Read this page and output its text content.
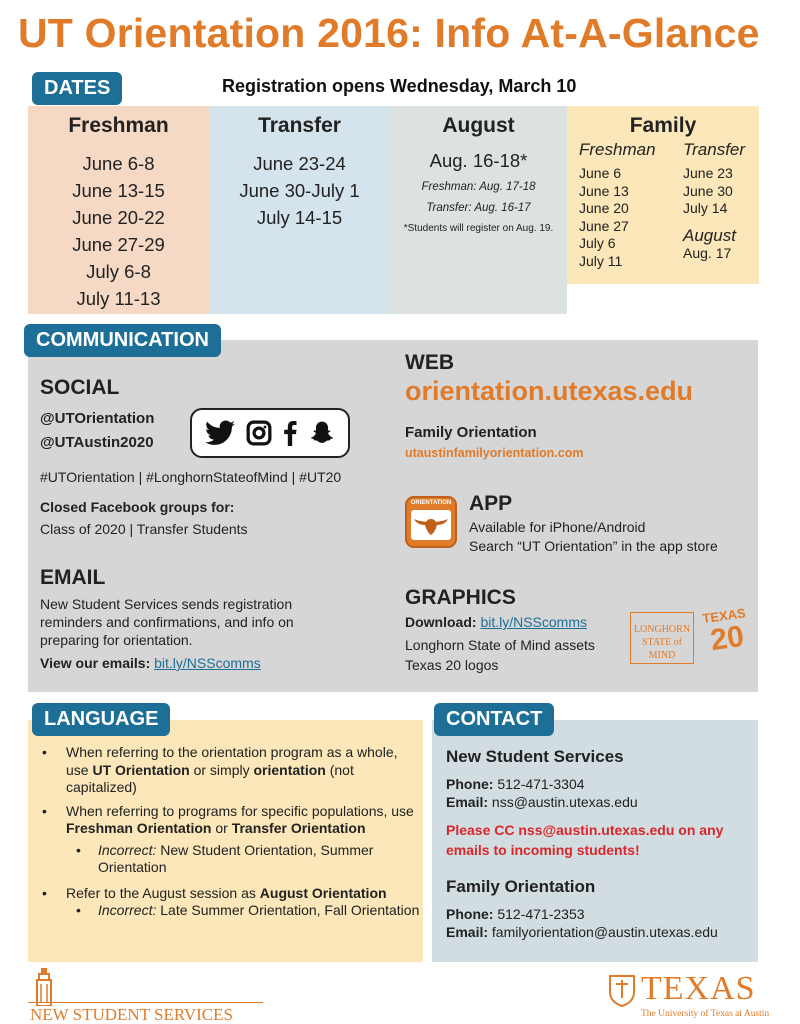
UT Orientation 2016: Info At-A-Glance
DATES	Registration opens Wednesday, March 10
Freshman
June 6-8
June 13-15
June 20-22
June 27-29
July 6-8
July 11-13
Transfer
June 23-24
June 30-July 1
July 14-15
August
Aug. 16-18*
Freshman: Aug. 17-18
Transfer: Aug. 16-17
*Students will register on Aug. 19.
Family
Freshman
June 6
June 13
June 20
June 27
July 6
July 11
Transfer
June 23
June 30
July 14
August
Aug. 17
COMMUNICATION
SOCIAL
@UTOrientation
@UTAustin2020
#UTOrientation | #LonghornStateofMind | #UT20
Closed Facebook groups for:
Class of 2020 | Transfer Students
EMAIL
New Student Services sends registration
reminders and confirmations, and info on
preparing for orientation.
View our emails: bit.ly/NSScomms
WEB
orientation.utexas.edu
Family Orientation
utaustinfamilyorientation.com
ORIENTATION APP
Available for iPhone/Android
Search “UT Orientation” in the app store
GRAPHICS
Download: bit.ly/NSScomms
Longhorn State of Mind assets
Texas 20 logos
LONGHORN
STATE of MIND
TEXAS
20
LANGUAGE
• When referring to the orientation program as a whole, use UT Orientation or simply orientation (not capitalized)
• When referring to programs for specific populations, use Freshman Orientation or Transfer Orientation
• Incorrect: New Student Orientation, Summer Orientation
• Refer to the August session as August Orientation
• Incorrect: Late Summer Orientation, Fall Orientation
CONTACT
New Student Services
Phone: 512-471-3304
Email: nss@austin.utexas.edu
Please CC nss@austin.utexas.edu on any
emails to incoming students!
Family Orientation
Phone: 512-471-2353
Email: familyorientation@austin.utexas.edu
NEW STUDENT SERVICES
TEXAS
The University of Texas at Austin
